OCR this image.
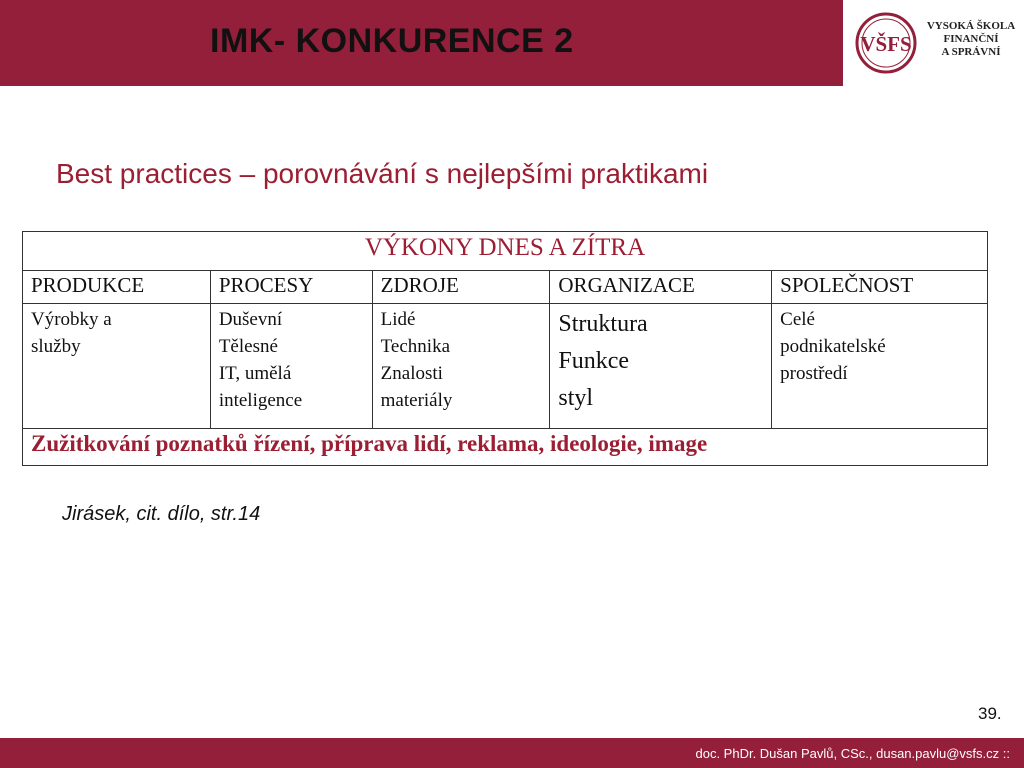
IMK- KONKURENCE 2	VŠFS
VYSOKÁ ŠKOLA
FINANČNÍ
A SPRÁVNÍ
Best practices – porovnávání s nejlepšími praktikami
VÝKONY DNES A ZÍTRA				
PRODUKCE	PROCESY	ZDROJE	ORGANIZACE	SPOLEČNOST

Výrobky a
služby	Duševní
Tělesné
IT, umělá
inteligence	Lidé
Technika
Znalosti
materiály	Struktura
Funkce
styl	Celé
podnikatelské
prostředí

Zužitkování poznatků řízení, příprava lidí, reklama, ideologie, image				
Jirásek, cit. dílo, str.14
39.
doc. PhDr. Dušan Pavlů, CSc., dusan.pavlu@vsfs.cz ::
